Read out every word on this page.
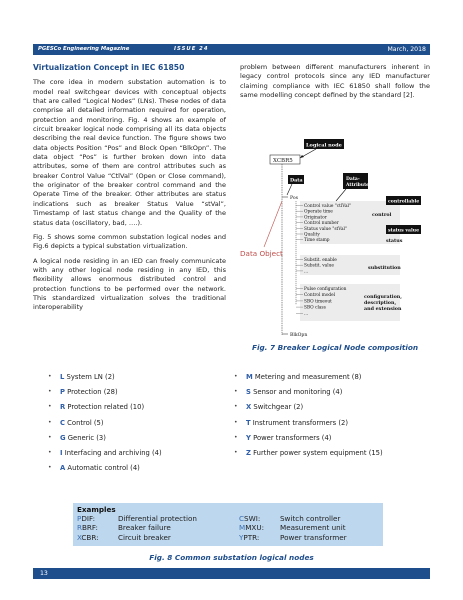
PGESCo Engineering Magazine	ISSUE 24	March, 2018
Virtualization Concept in IEC 61850

The core idea in modern substation automation is to model real switchgear devices with conceptual objects that are called “Logical Nodes” (LNs). These nodes of data comprise all detailed information required for operation, protection and monitoring. Fig. 4 shows an example of circuit breaker logical node comprising all its data objects describing the real device function. The figure shows two data objects Position “Pos” and Block Open “BlkOpn”. The data object “Pos” is further broken down into data attributes, some of them are control attributes such as breaker Control Value “CtlVal” (Open or Close command), the originator of the breaker control command and the Operate Time of the breaker. Other attributes are status indications such as breaker Status Value “stVal”, Timestamp of last status change and the Quality of the status data (oscillatory, bad, ….).

Fig. 5 shows some common substation logical nodes and Fig.6 depicts a typical substation virtualization.

A logical node residing in an IED can freely communicate with any other logical node residing in any IED, this flexibility allows enormous distributed control and protection functions to be performed over the network. This standardized virtualization solves the traditional interoperability

problem between different manufacturers inherent in legacy control protocols since any IED manufacturer claiming compliance with IEC 61850 shall follow the same modelling concept defined by the standard [2].

Logical node
XCBR5
Data	Data-
Attributes
Pos
Data Object
Control value "ctlVal"
Operate time
Originator
Control number
Status value "stVal"
Quality
Time stamp
controllable
control
status value
status
Substit. enable
Substit. value
...
substitution
Pulse configuration
Control model
SBO timeout
SBO class
...
configuration,
description,
and extension
BlkOpn
Fig. 7 Breaker Logical Node composition
• L System LN (2)
• P Protection (28)
• R Protection related (10)
• C Control (5)
• G Generic (3)
• I Interfacing and archiving (4)
• A Automatic control (4)
• M Metering and measurement (8)
• S Sensor and monitoring (4)
• X Switchgear (2)
• T Instrument transformers (2)
• Y Power transformers (4)
• Z Further power system equipment (15)
Examples
PDIF:	Differential protection
RBRF:	Breaker failure
XCBR:	Circuit breaker
CSWI:	Switch controller
MMXU: Measurement unit
YPTR:	Power transformer
Fig. 8 Common substation logical nodes
13
